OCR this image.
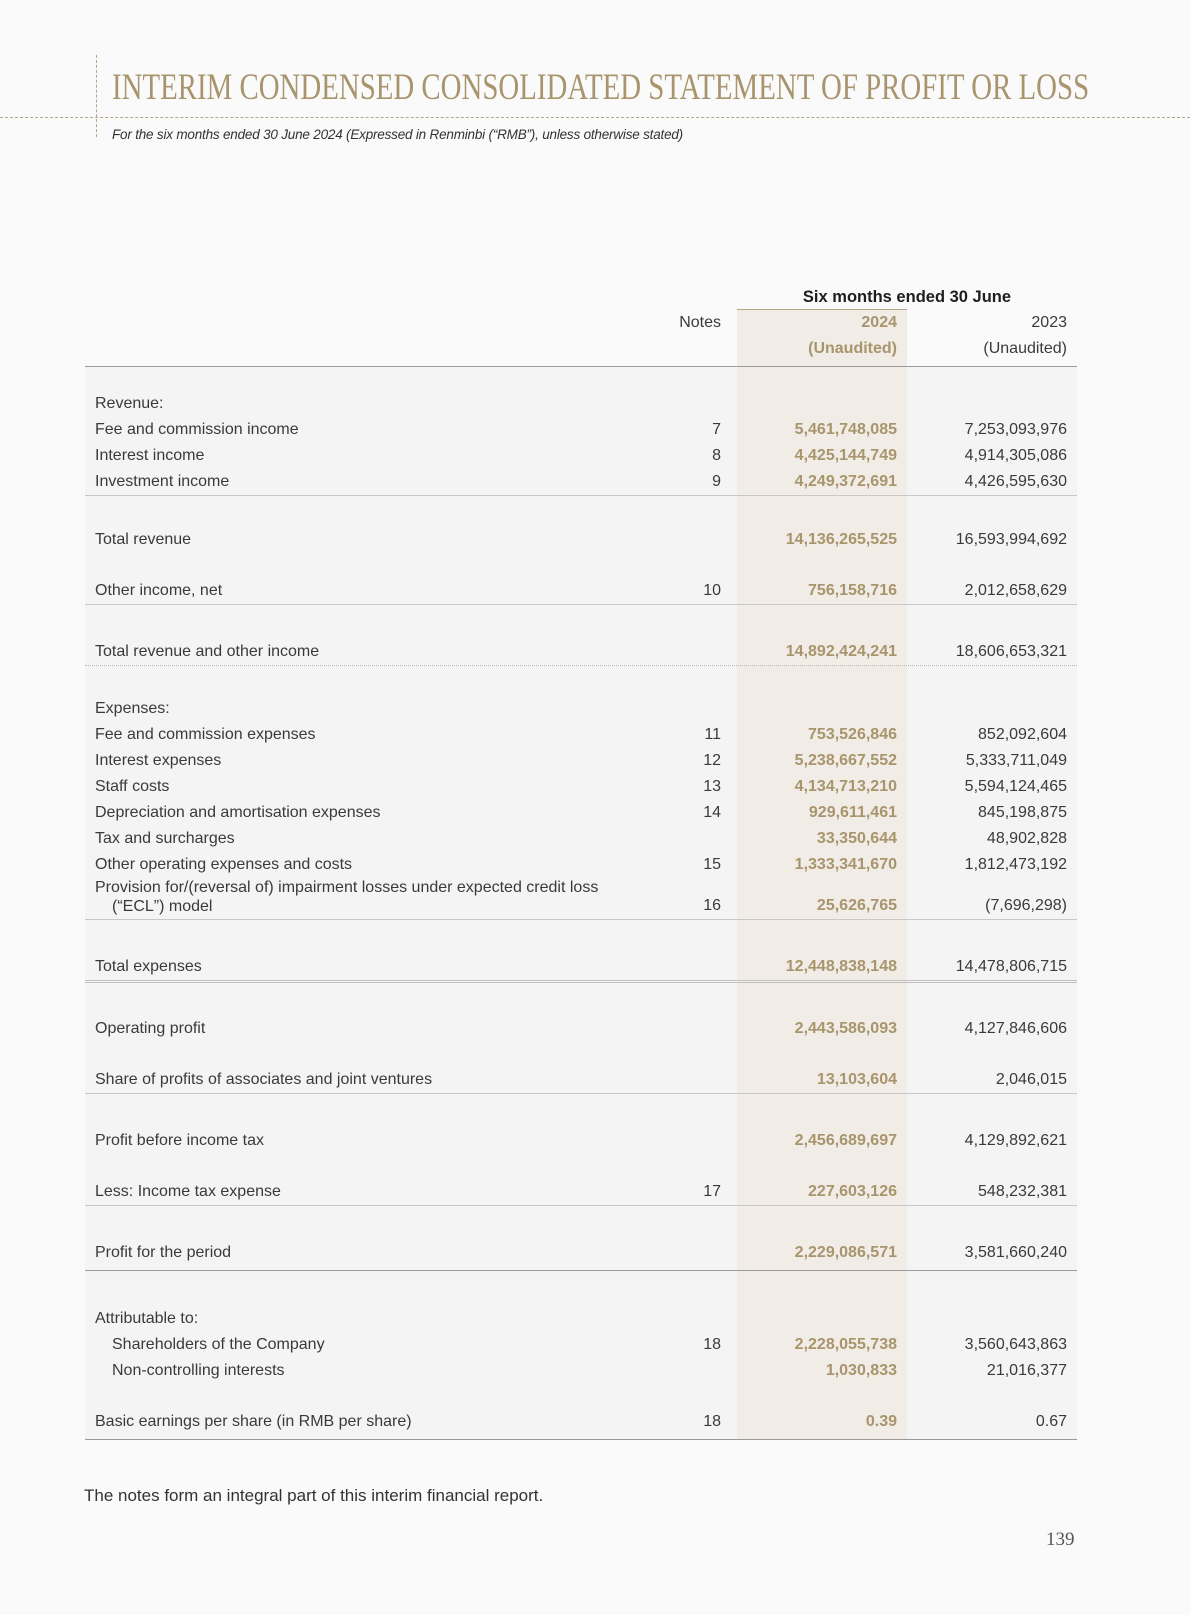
INTERIM CONDENSED CONSOLIDATED STATEMENT OF PROFIT OR LOSS
For the six months ended 30 June 2024 (Expressed in Renminbi (“RMB”), unless otherwise stated)
Six months ended 30 June
Notes	2024	2023
(Unaudited)	(Unaudited)
Revenue:
Fee and commission income	7	5,461,748,085	7,253,093,976
Interest income	8	4,425,144,749	4,914,305,086
Investment income	9	4,249,372,691	4,426,595,630
Total revenue	14,136,265,525	16,593,994,692
Other income, net	10	756,158,716	2,012,658,629
Total revenue and other income	14,892,424,241	18,606,653,321
Expenses:
Fee and commission expenses	11	753,526,846	852,092,604
Interest expenses	12	5,238,667,552	5,333,711,049
Staff costs	13	4,134,713,210	5,594,124,465
Depreciation and amortisation expenses	14	929,611,461	845,198,875
Tax and surcharges	33,350,644	48,902,828
Other operating expenses and costs	15	1,333,341,670	1,812,473,192
Provision for/(reversal of) impairment losses under expected credit loss
(“ECL”) model	16	25,626,765	(7,696,298)
Total expenses	12,448,838,148	14,478,806,715
Operating profit	2,443,586,093	4,127,846,606
Share of profits of associates and joint ventures	13,103,604	2,046,015
Profit before income tax	2,456,689,697	4,129,892,621
Less: Income tax expense	17	227,603,126	548,232,381
Profit for the period	2,229,086,571	3,581,660,240
Attributable to:
Shareholders of the Company	18	2,228,055,738	3,560,643,863
Non-controlling interests	1,030,833	21,016,377
Basic earnings per share (in RMB per share)	18	0.39	0.67
The notes form an integral part of this interim financial report.
139
